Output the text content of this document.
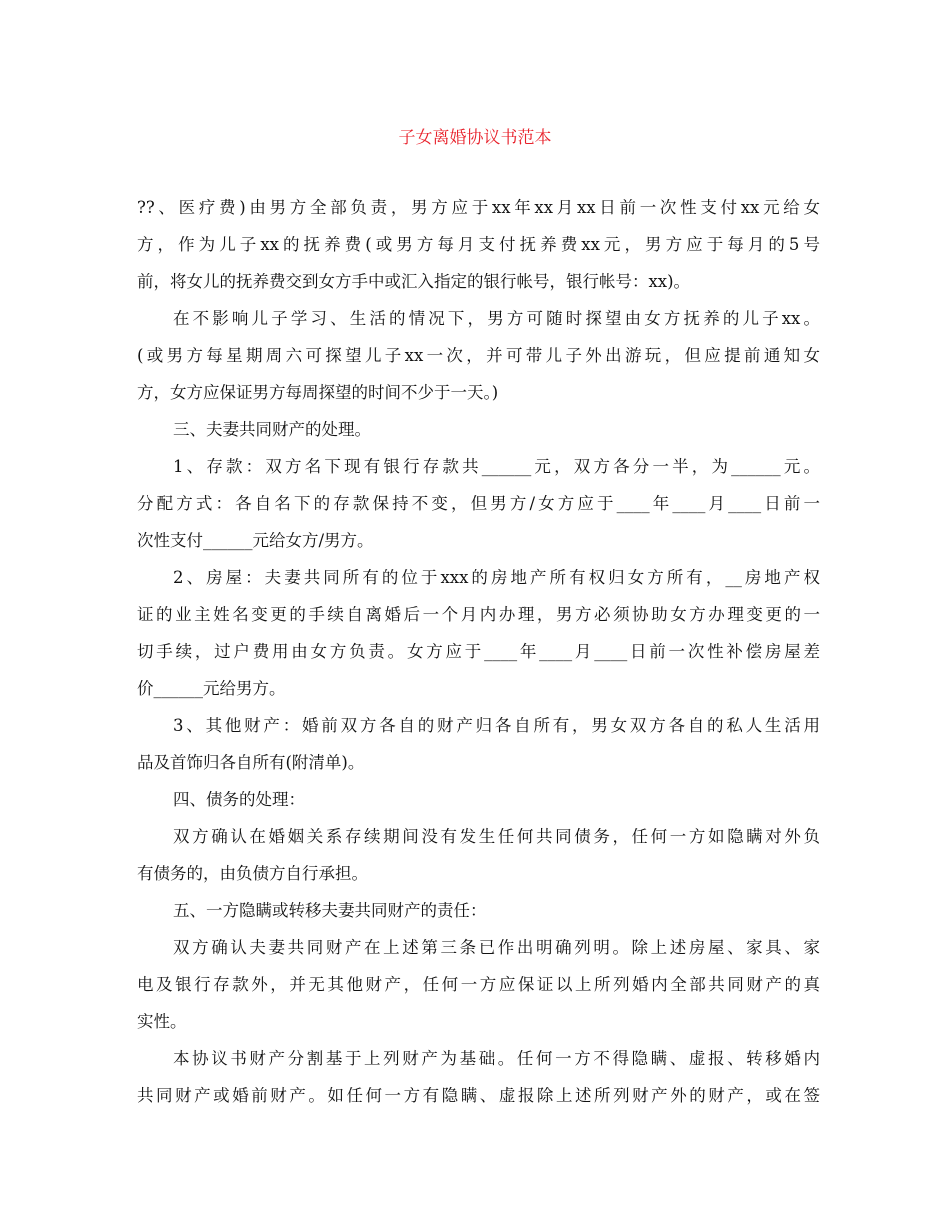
子女离婚协议书范本
??、医疗费)由男方全部负责，男方应于xx年xx月xx日前一次性支付xx元给女
方，作为儿子xx的抚养费(或男方每月支付抚养费xx元，男方应于每月的5号
前，将女儿的抚养费交到女方手中或汇入指定的银行帐号，银行帐号：xx)。
在不影响儿子学习、生活的情况下，男方可随时探望由女方抚养的儿子xx。
(或男方每星期周六可探望儿子xx一次，并可带儿子外出游玩，但应提前通知女
方，女方应保证男方每周探望的时间不少于一天。)
三、夫妻共同财产的处理。
1、存款：双方名下现有银行存款共______元，双方各分一半，为______元。
分配方式：各自名下的存款保持不变，但男方/女方应于____年____月____日前一
次性支付______元给女方/男方。
2、房屋：夫妻共同所有的位于xxx的房地产所有权归女方所有，__房地产权
证的业主姓名变更的手续自离婚后一个月内办理，男方必须协助女方办理变更的一
切手续，过户费用由女方负责。女方应于____年____月____日前一次性补偿房屋差
价______元给男方。
3、其他财产：婚前双方各自的财产归各自所有，男女双方各自的私人生活用
品及首饰归各自所有(附清单)。
四、债务的处理：
双方确认在婚姻关系存续期间没有发生任何共同债务，任何一方如隐瞒对外负
有债务的，由负债方自行承担。
五、一方隐瞒或转移夫妻共同财产的责任：
双方确认夫妻共同财产在上述第三条已作出明确列明。除上述房屋、家具、家
电及银行存款外，并无其他财产，任何一方应保证以上所列婚内全部共同财产的真
实性。
本协议书财产分割基于上列财产为基础。任何一方不得隐瞒、虚报、转移婚内
共同财产或婚前财产。如任何一方有隐瞒、虚报除上述所列财产外的财产，或在签
